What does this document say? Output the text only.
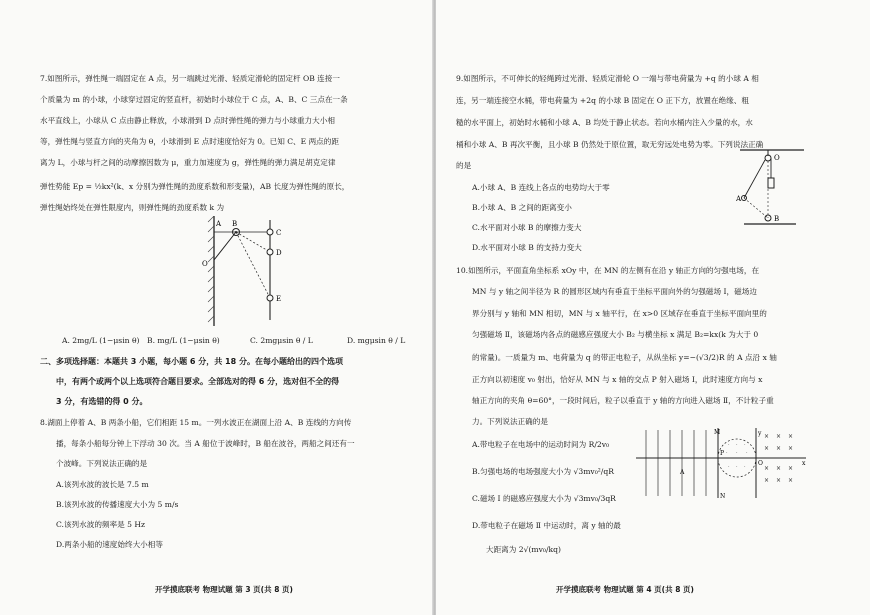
7.如图所示，弹性绳一端固定在 A 点，另一端跳过光滑、轻质定滑轮的固定杆 OB 连接一
个质量为 m 的小球，小球穿过固定的竖直杆，初始时小球位于 C 点，A、B、C 三点在一条
水平直线上，小球从 C 点由静止释放，小球滑到 D 点时弹性绳的弹力与小球重力大小相
等，弹性绳与竖直方向的夹角为 θ，小球滑到 E 点时速度恰好为 0。已知 C、E 两点的距
离为 L，小球与杆之间的动摩擦因数为 μ，重力加速度为 g，弹性绳的弹力满足胡克定律
弹性势能 Ep = ½kx²(k、x 分别为弹性绳的劲度系数和形变量)，AB 长度为弹性绳的原长，
弹性绳始终处在弹性限度内，则弹性绳的劲度系数 k 为
A B
C
D
E
O
A. 2mg/L (1−μsin θ) B. mg/L (1−μsin θ)	C. 2mgμsin θ / L	D. mgμsin θ / L
二、多项选择题：本题共 3 小题，每小题 6 分，共 18 分。在每小题给出的四个选项
中，有两个或两个以上选项符合题目要求。全部选对的得 6 分，选对但不全的得
3 分，有选错的得 0 分。
8.湖面上停着 A、B 两条小船，它们相距 15 m。一列水波正在湖面上沿 A、B 连线的方向传
播，每条小船每分钟上下浮动 30 次。当 A 船位于波峰时，B 船在波谷，两船之间还有一
个波峰。下列说法正确的是
A.该列水波的波长是 7.5 m
B.该列水波的传播速度大小为 5 m/s
C.该列水波的频率是 5 Hz
D.两条小船的速度始终大小相等
开学摸底联考 物理试题 第 3 页(共 8 页)
9.如图所示，不可伸长的轻绳跨过光滑、轻质定滑轮 O 一端与带电荷量为 +q 的小球 A 相
连，另一端连接空水桶，带电荷量为 +2q 的小球 B 固定在 O 正下方，放置在绝缘、粗
糙的水平面上，初始时水桶和小球 A、B 均处于静止状态。若向水桶内注入少量的水，水
桶和小球 A、B 再次平衡，且小球 B 仍然处于原位置，取无穷远处电势为零。下列说法正确
的是
A.小球 A、B 连线上各点的电势均大于零
B.小球 A、B 之间的距离变小
C.水平面对小球 B 的摩擦力变大
D.水平面对小球 B 的支持力变大
O
A
B
10.如图所示，平面直角坐标系 xOy 中，在 MN 的左侧有在沿 y 轴正方向的匀强电场，在
MN 与 y 轴之间半径为 R 的圆形区域内有垂直于坐标平面向外的匀强磁场 Ⅰ，磁场边
界分别与 y 轴和 MN 相切，MN 与 x 轴平行，在 x>0 区域存在垂直于坐标平面向里的
匀强磁场 Ⅱ，该磁场内各点的磁感应强度大小 B₂ 与横坐标 x 满足 B₂=kx(k 为大于 0
的常量)。一质量为 m、电荷量为 q 的带正电粒子，从纵坐标 y=−(√3/2)R 的 A 点沿 x 轴
正方向以初速度 v₀ 射出，恰好从 MN 与 x 轴的交点 P 射入磁场 Ⅰ，此时速度方向与 x
轴正方向的夹角 θ=60°，一段时间后，粒子以垂直于 y 轴的方向进入磁场 Ⅱ，不计粒子重
力。下列说法正确的是
A.带电粒子在电场中的运动时间为 R/2v₀
B.匀强电场的电场强度大小为 √3mv₀²/qR
C.磁场 Ⅰ 的磁感应强度大小为 √3mv₀/3qR
D.带电粒子在磁场 Ⅱ 中运动时，离 y 轴的最
大距离为 2√(mv₀/kq)
· · ·
· · ·
· · ·
× × ×
× × ×
× × ×
× × ×
M
N
y
x
P
O
A
开学摸底联考 物理试题 第 4 页(共 8 页)
